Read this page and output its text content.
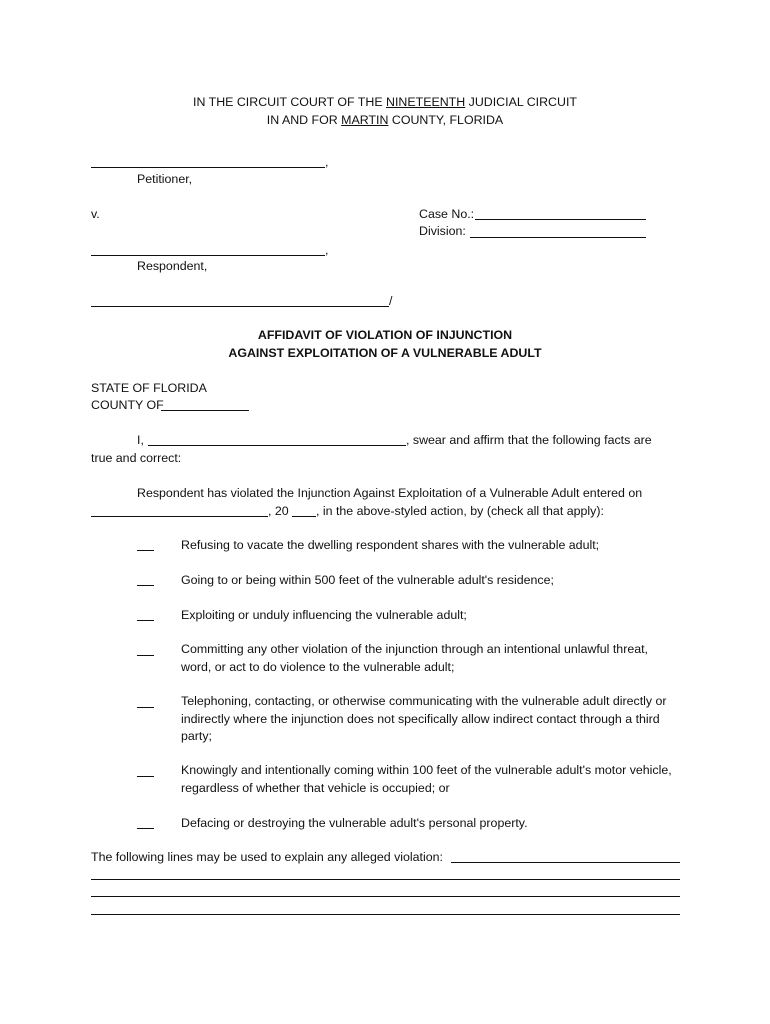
IN THE CIRCUIT COURT OF THE NINETEENTH JUDICIAL CIRCUIT
IN AND FOR MARTIN COUNTY, FLORIDA
,
Petitioner,
v.	Case No.:
Division:
,
Respondent,
/
AFFIDAVIT OF VIOLATION OF INJUNCTION
AGAINST EXPLOITATION OF A VULNERABLE ADULT
STATE OF FLORIDA
COUNTY OF
I,	, swear and affirm that the following facts are
true and correct:
Respondent has violated the Injunction Against Exploitation of a Vulnerable Adult entered on
, 20 , in the above-styled action, by (check all that apply):
Refusing to vacate the dwelling respondent shares with the vulnerable adult;
Going to or being within 500 feet of the vulnerable adult's residence;
Exploiting or unduly influencing the vulnerable adult;
Committing any other violation of the injunction through an intentional unlawful threat, word, or act to do violence to the vulnerable adult;
Telephoning, contacting, or otherwise communicating with the vulnerable adult directly or indirectly where the injunction does not specifically allow indirect contact through a third party;
Knowingly and intentionally coming within 100 feet of the vulnerable adult's motor vehicle, regardless of whether that vehicle is occupied; or
Defacing or destroying the vulnerable adult's personal property.
The following lines may be used to explain any alleged violation:
